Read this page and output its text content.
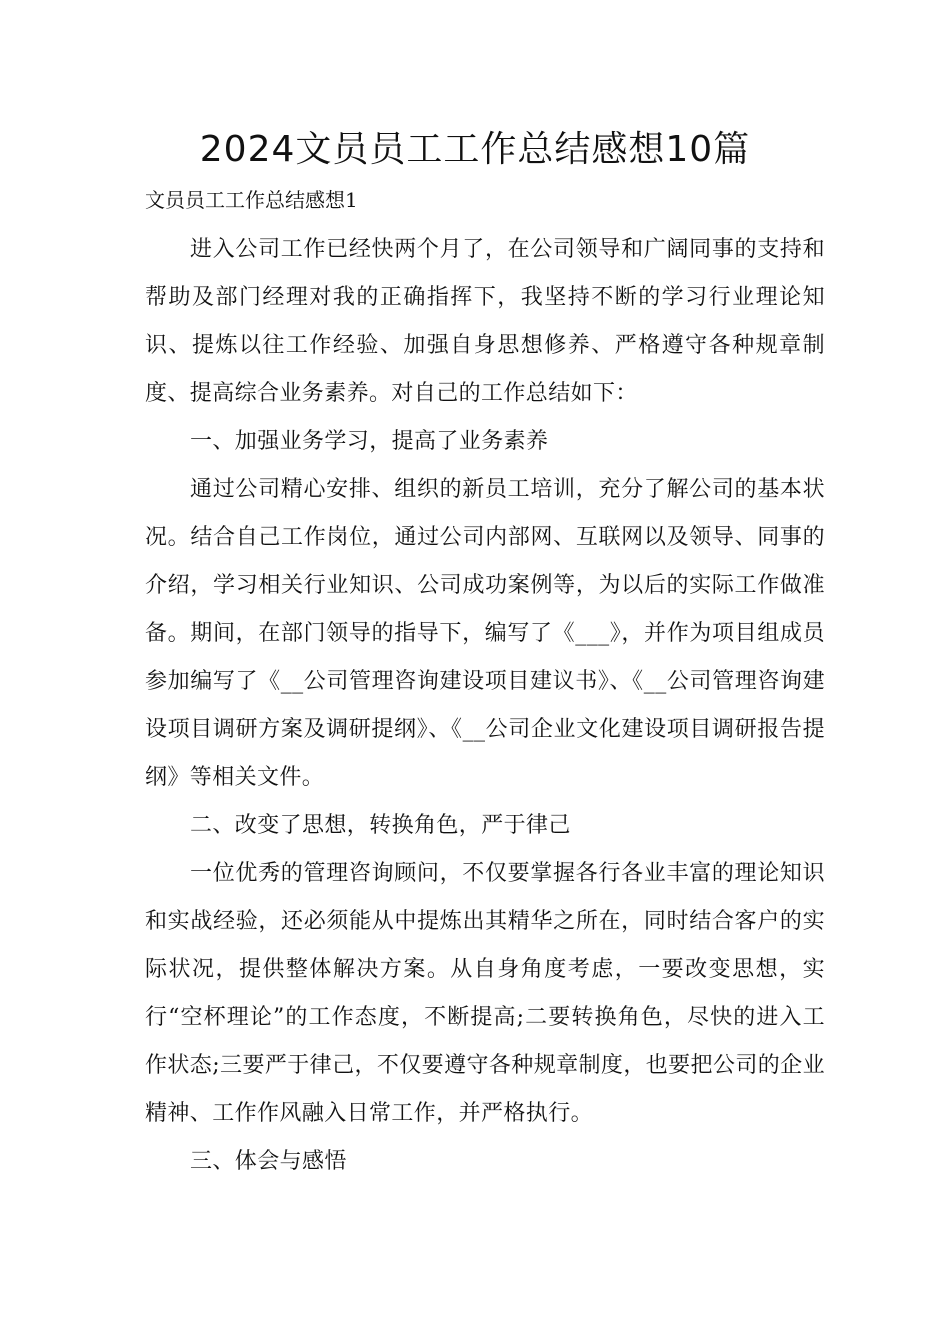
2024文员员工工作总结感想10篇

文员员工工作总结感想1

进入公司工作已经快两个月了，在公司领导和广阔同事的支持和帮助及部门经理对我的正确指挥下，我坚持不断的学习行业理论知识、提炼以往工作经验、加强自身思想修养、严格遵守各种规章制度、提高综合业务素养。对自己的工作总结如下：

一、加强业务学习，提高了业务素养

通过公司精心安排、组织的新员工培训，充分了解公司的基本状况。结合自己工作岗位，通过公司内部网、互联网以及领导、同事的介绍，学习相关行业知识、公司成功案例等，为以后的实际工作做准备。期间，在部门领导的指导下，编写了《___》，并作为项目组成员参加编写了《__公司管理咨询建设项目建议书》、《__公司管理咨询建设项目调研方案及调研提纲》、《__公司企业文化建设项目调研报告提纲》等相关文件。

二、改变了思想，转换角色，严于律己

一位优秀的管理咨询顾问，不仅要掌握各行各业丰富的理论知识和实战经验，还必须能从中提炼出其精华之所在，同时结合客户的实际状况，提供整体解决方案。从自身角度考虑，一要改变思想，实行“空杯理论”的工作态度，不断提高;二要转换角色，尽快的进入工作状态;三要严于律己，不仅要遵守各种规章制度，也要把公司的企业精神、工作作风融入日常工作，并严格执行。

三、体会与感悟
